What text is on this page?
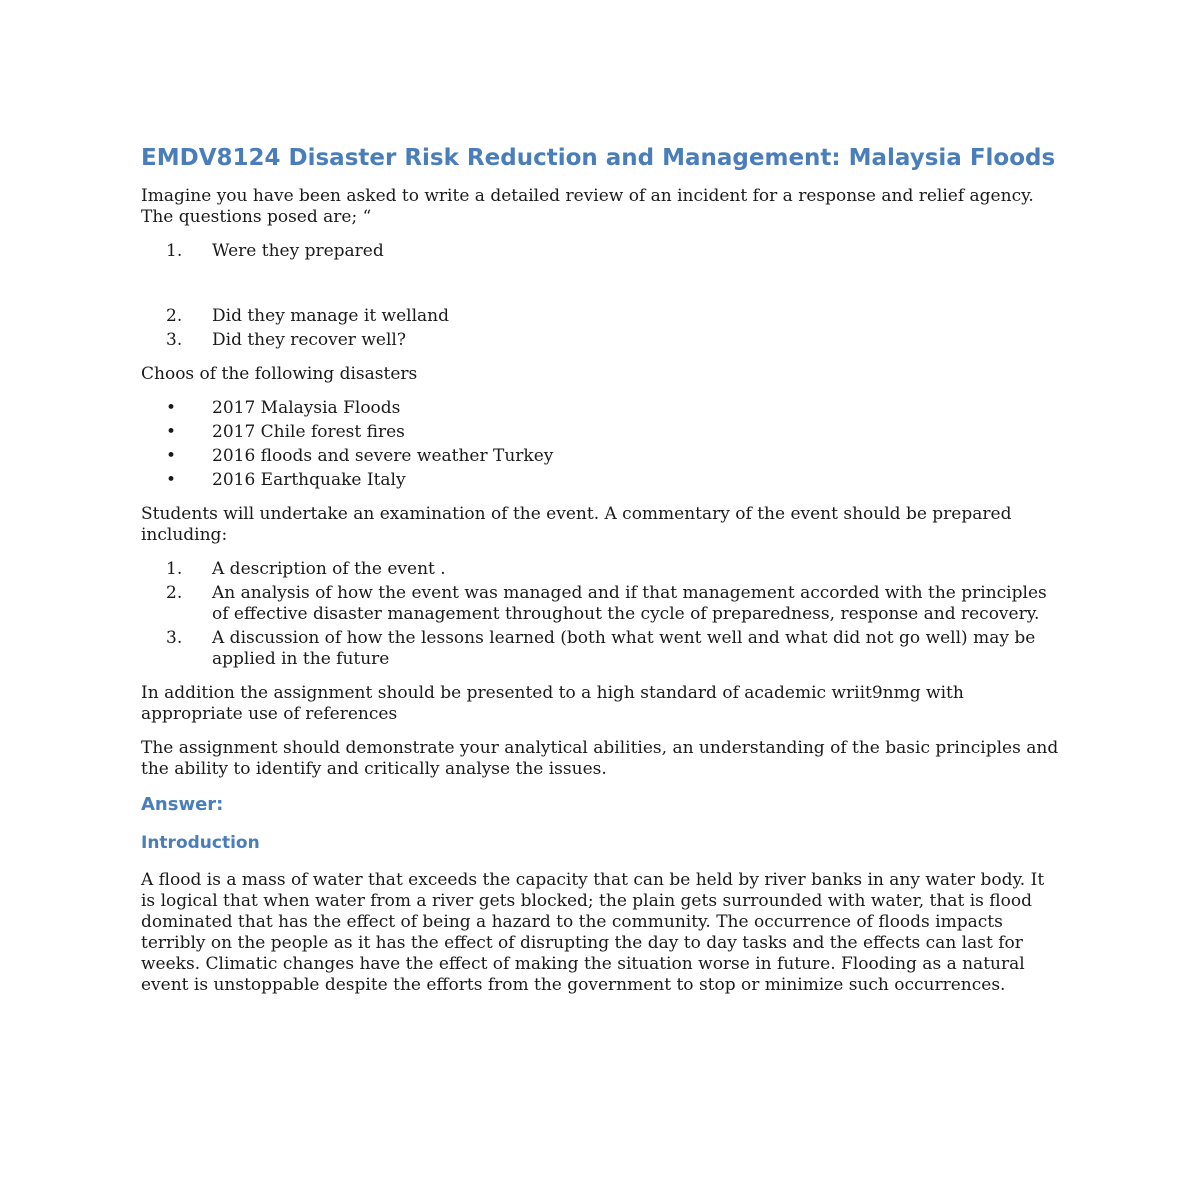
EMDV8124 Disaster Risk Reduction and Management: Malaysia Floods

Imagine you have been asked to write a detailed review of an incident for a response and relief agency. The questions posed are; “

1. Were they prepared
2. Did they manage it welland
3. Did they recover well?

Choos of the following disasters

• 2017 Malaysia Floods
• 2017 Chile forest fires
• 2016 floods and severe weather Turkey
• 2016 Earthquake Italy

Students will undertake an examination of the event. A commentary of the event should be prepared including:

1. A description of the event .
2. An analysis of how the event was managed and if that management accorded with the principles of effective disaster management throughout the cycle of preparedness, response and recovery.
3. A discussion of how the lessons learned (both what went well and what did not go well) may be applied in the future

In addition the assignment should be presented to a high standard of academic wriit9nmg with appropriate use of references

The assignment should demonstrate your analytical abilities, an understanding of the basic principles and the ability to identify and critically analyse the issues.

Answer:
Introduction

A flood is a mass of water that exceeds the capacity that can be held by river banks in any water body. It is logical that when water from a river gets blocked; the plain gets surrounded with water, that is flood dominated that has the effect of being a hazard to the community. The occurrence of floods impacts terribly on the people as it has the effect of disrupting the day to day tasks and the effects can last for weeks. Climatic changes have the effect of making the situation worse in future. Flooding as a natural event is unstoppable despite the efforts from the government to stop or minimize such occurrences.
